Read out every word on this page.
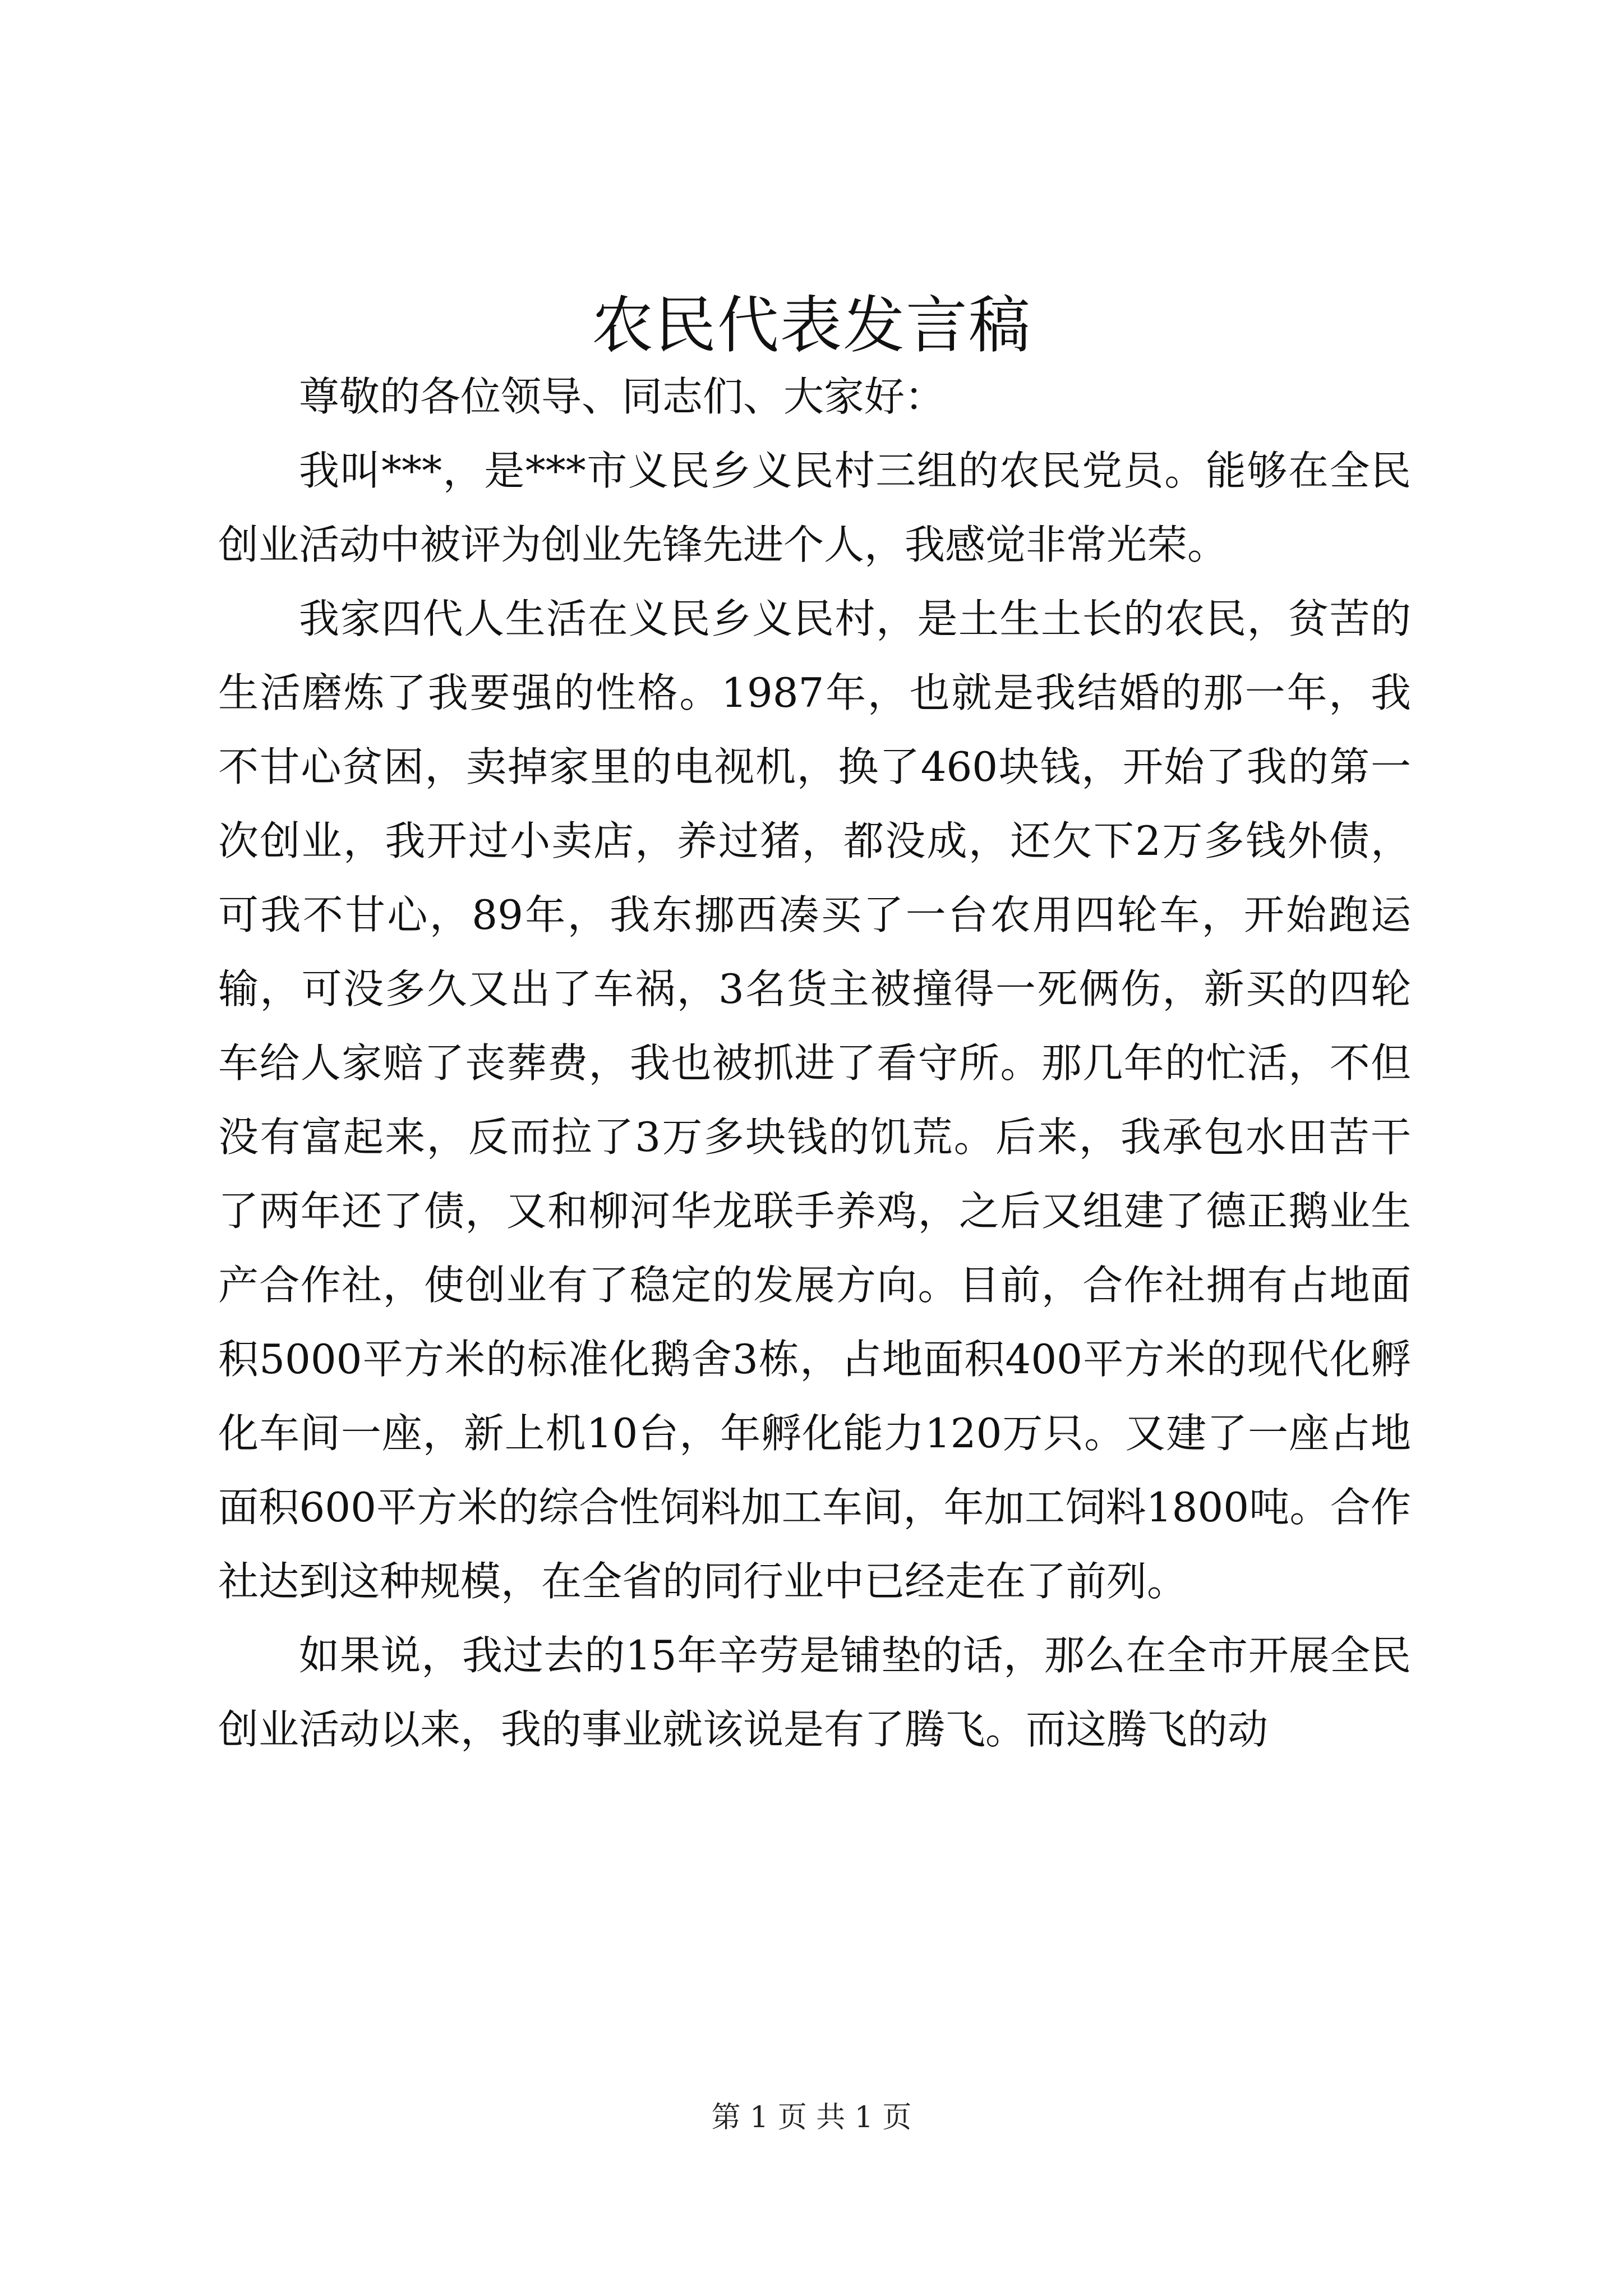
农民代表发言稿

尊敬的各位领导、同志们、大家好：

我叫***，是***市义民乡义民村三组的农民党员。能够在全民创业活动中被评为创业先锋先进个人，我感觉非常光荣。

我家四代人生活在义民乡义民村，是土生土长的农民，贫苦的生活磨炼了我要强的性格。1987年，也就是我结婚的那一年，我不甘心贫困，卖掉家里的电视机，换了460块钱，开始了我的第一次创业，我开过小卖店，养过猪，都没成，还欠下2万多钱外债，可我不甘心，89年，我东挪西凑买了一台农用四轮车，开始跑运输，可没多久又出了车祸，3名货主被撞得一死俩伤，新买的四轮车给人家赔了丧葬费，我也被抓进了看守所。那几年的忙活，不但没有富起来，反而拉了3万多块钱的饥荒。后来，我承包水田苦干了两年还了债，又和柳河华龙联手养鸡，之后又组建了德正鹅业生产合作社，使创业有了稳定的发展方向。目前，合作社拥有占地面积5000平方米的标准化鹅舍3栋，占地面积400平方米的现代化孵化车间一座，新上机10台，年孵化能力120万只。又建了一座占地面积600平方米的综合性饲料加工车间，年加工饲料1800吨。合作社达到这种规模，在全省的同行业中已经走在了前列。

如果说，我过去的15年辛劳是铺垫的话，那么在全市开展全民创业活动以来，我的事业就该说是有了腾飞。而这腾飞的动

第 1 页 共 1 页
